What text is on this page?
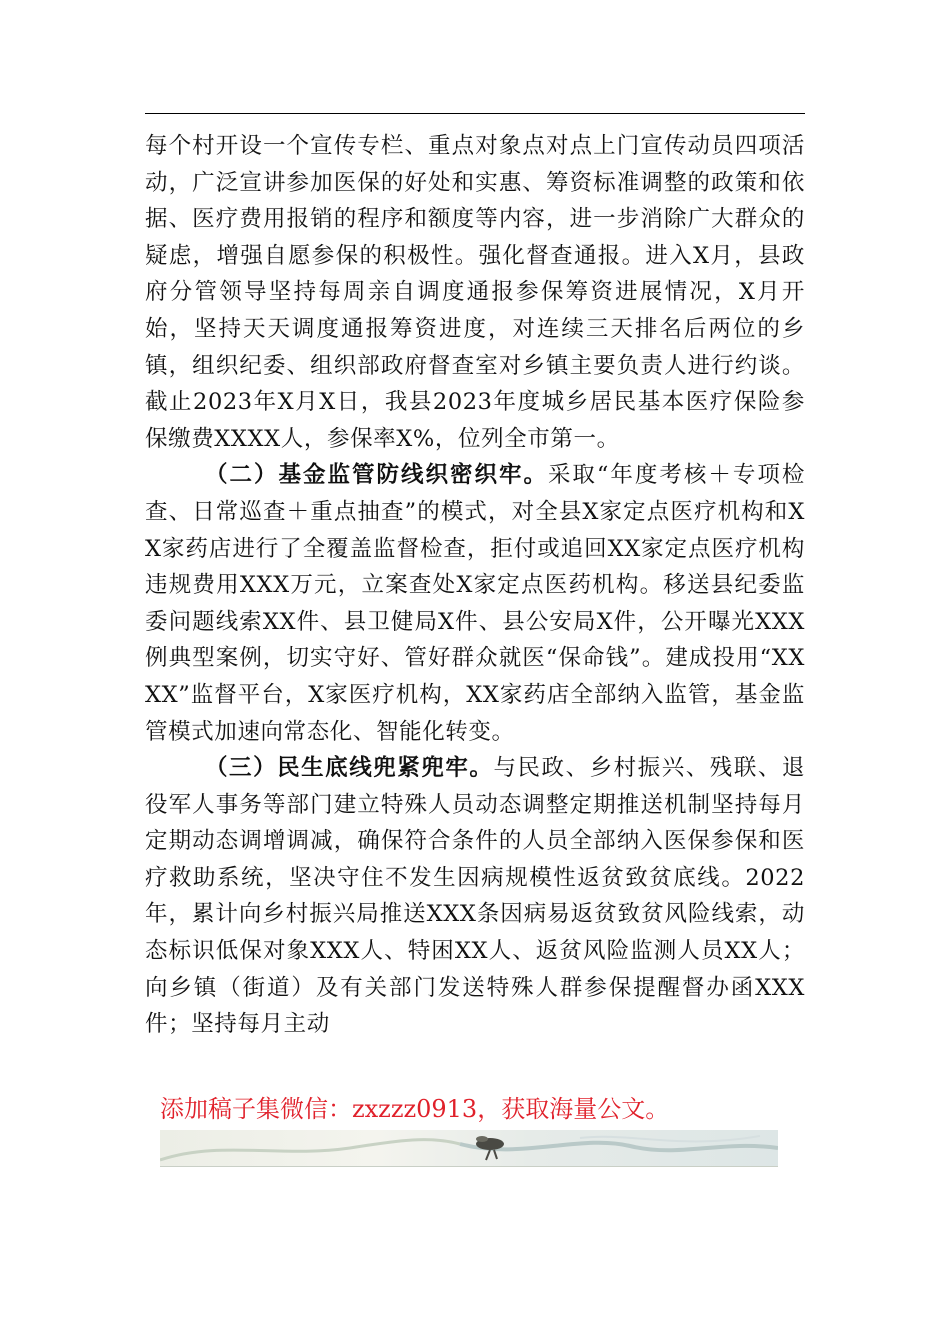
每个村开设一个宣传专栏、重点对象点对点上门宣传动员四项活动，广泛宣讲参加医保的好处和实惠、筹资标准调整的政策和依据、医疗费用报销的程序和额度等内容，进一步消除广大群众的疑虑，增强自愿参保的积极性。强化督查通报。进入X月，县政府分管领导坚持每周亲自调度通报参保筹资进展情况，X月开始，坚持天天调度通报筹资进度，对连续三天排名后两位的乡镇，组织纪委、组织部政府督查室对乡镇主要负责人进行约谈。截止2023年X月X日，我县2023年度城乡居民基本医疗保险参保缴费XXXX人，参保率X%，位列全市第一。

（二）基金监管防线织密织牢。采取“年度考核＋专项检查、日常巡查＋重点抽查”的模式，对全县X家定点医疗机构和XX家药店进行了全覆盖监督检查，拒付或追回XX家定点医疗机构违规费用XXX万元，立案查处X家定点医药机构。移送县纪委监委问题线索XX件、县卫健局X件、县公安局X件，公开曝光XXX例典型案例，切实守好、管好群众就医“保命钱”。建成投用“XXXX”监督平台，X家医疗机构，XX家药店全部纳入监管，基金监管模式加速向常态化、智能化转变。

（三）民生底线兜紧兜牢。与民政、乡村振兴、残联、退役军人事务等部门建立特殊人员动态调整定期推送机制坚持每月定期动态调增调减，确保符合条件的人员全部纳入医保参保和医疗救助系统，坚决守住不发生因病规模性返贫致贫底线。2022年，累计向乡村振兴局推送XXX条因病易返贫致贫风险线索，动态标识低保对象XXX人、特困XX人、返贫风险监测人员XX人；向乡镇（街道）及有关部门发送特殊人群参保提醒督办函XXX件；坚持每月主动

添加稿子集微信：zxzzz0913，获取海量公文。
